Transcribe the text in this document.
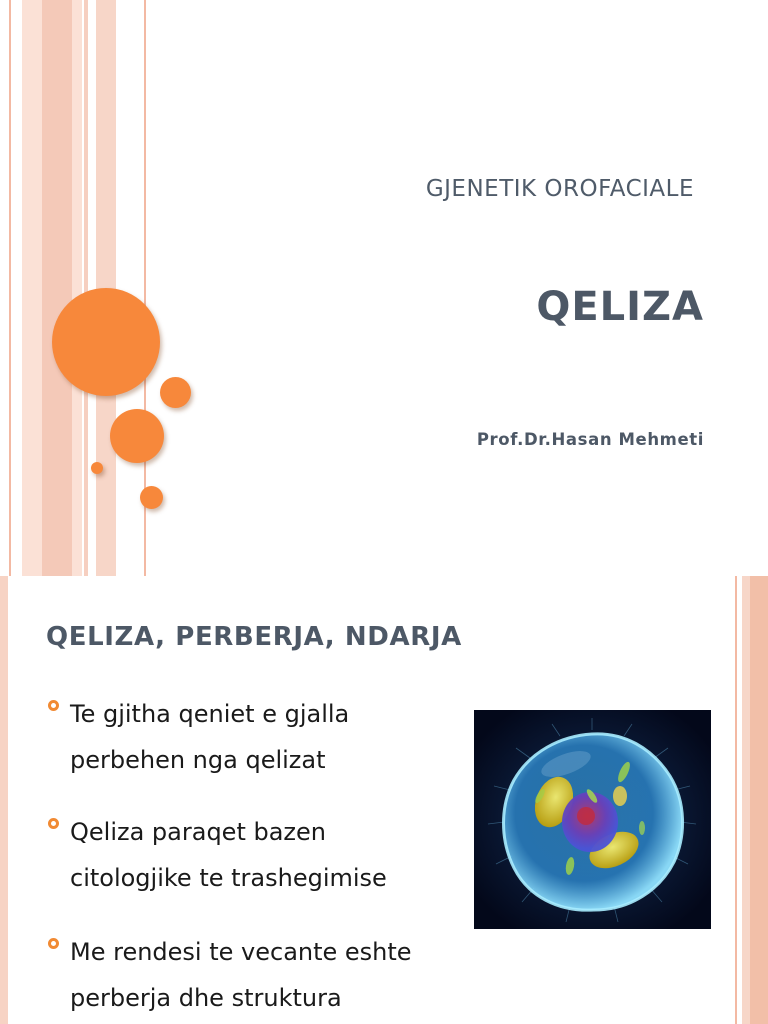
GJENETIK OROFACIALE
QELIZA
Prof.Dr.Hasan Mehmeti
QELIZA, PERBERJA, NDARJA
Te gjitha qeniet e gjalla perbehen nga qelizat
Qeliza paraqet bazen citologjike te trashegimise
Me rendesi te vecante eshte perberja dhe struktura
